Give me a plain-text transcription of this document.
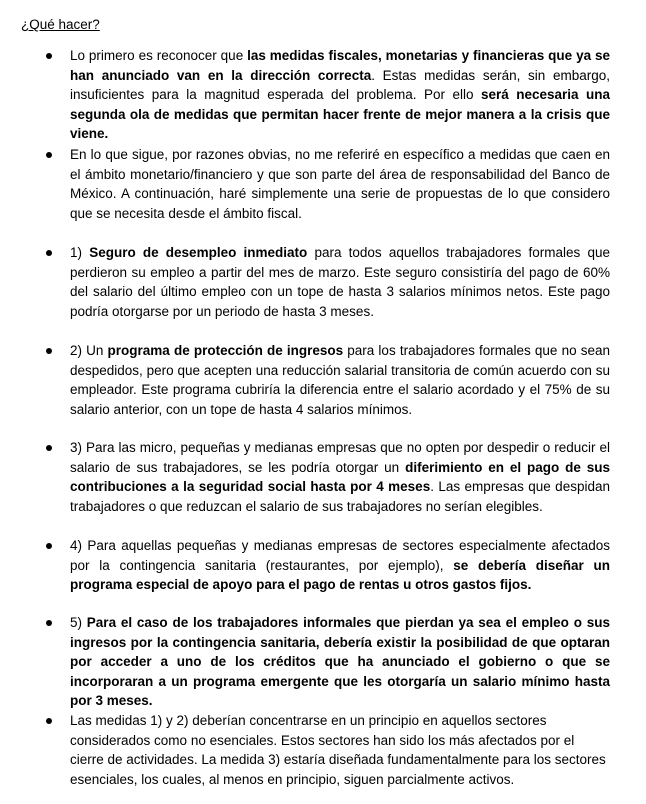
¿Qué hacer?

Lo primero es reconocer que las medidas fiscales, monetarias y financieras que ya se han anunciado van en la dirección correcta. Estas medidas serán, sin embargo, insuficientes para la magnitud esperada del problema. Por ello será necesaria una segunda ola de medidas que permitan hacer frente de mejor manera a la crisis que viene.

En lo que sigue, por razones obvias, no me referiré en específico a medidas que caen en el ámbito monetario/financiero y que son parte del área de responsabilidad del Banco de México. A continuación, haré simplemente una serie de propuestas de lo que considero que se necesita desde el ámbito fiscal.

1) Seguro de desempleo inmediato para todos aquellos trabajadores formales que perdieron su empleo a partir del mes de marzo. Este seguro consistiría del pago de 60% del salario del último empleo con un tope de hasta 3 salarios mínimos netos. Este pago podría otorgarse por un periodo de hasta 3 meses.

2) Un programa de protección de ingresos para los trabajadores formales que no sean despedidos, pero que acepten una reducción salarial transitoria de común acuerdo con su empleador. Este programa cubriría la diferencia entre el salario acordado y el 75% de su salario anterior, con un tope de hasta 4 salarios mínimos.

3) Para las micro, pequeñas y medianas empresas que no opten por despedir o reducir el salario de sus trabajadores, se les podría otorgar un diferimiento en el pago de sus contribuciones a la seguridad social hasta por 4 meses. Las empresas que despidan trabajadores o que reduzcan el salario de sus trabajadores no serían elegibles.

4) Para aquellas pequeñas y medianas empresas de sectores especialmente afectados por la contingencia sanitaria (restaurantes, por ejemplo), se debería diseñar un programa especial de apoyo para el pago de rentas u otros gastos fijos.

5) Para el caso de los trabajadores informales que pierdan ya sea el empleo o sus ingresos por la contingencia sanitaria, debería existir la posibilidad de que optaran por acceder a uno de los créditos que ha anunciado el gobierno o que se incorporaran a un programa emergente que les otorgaría un salario mínimo hasta por 3 meses.

Las medidas 1) y 2) deberían concentrarse en un principio en aquellos sectores considerados como no esenciales. Estos sectores han sido los más afectados por el cierre de actividades. La medida 3) estaría diseñada fundamentalmente para los sectores esenciales, los cuales, al menos en principio, siguen parcialmente activos.
